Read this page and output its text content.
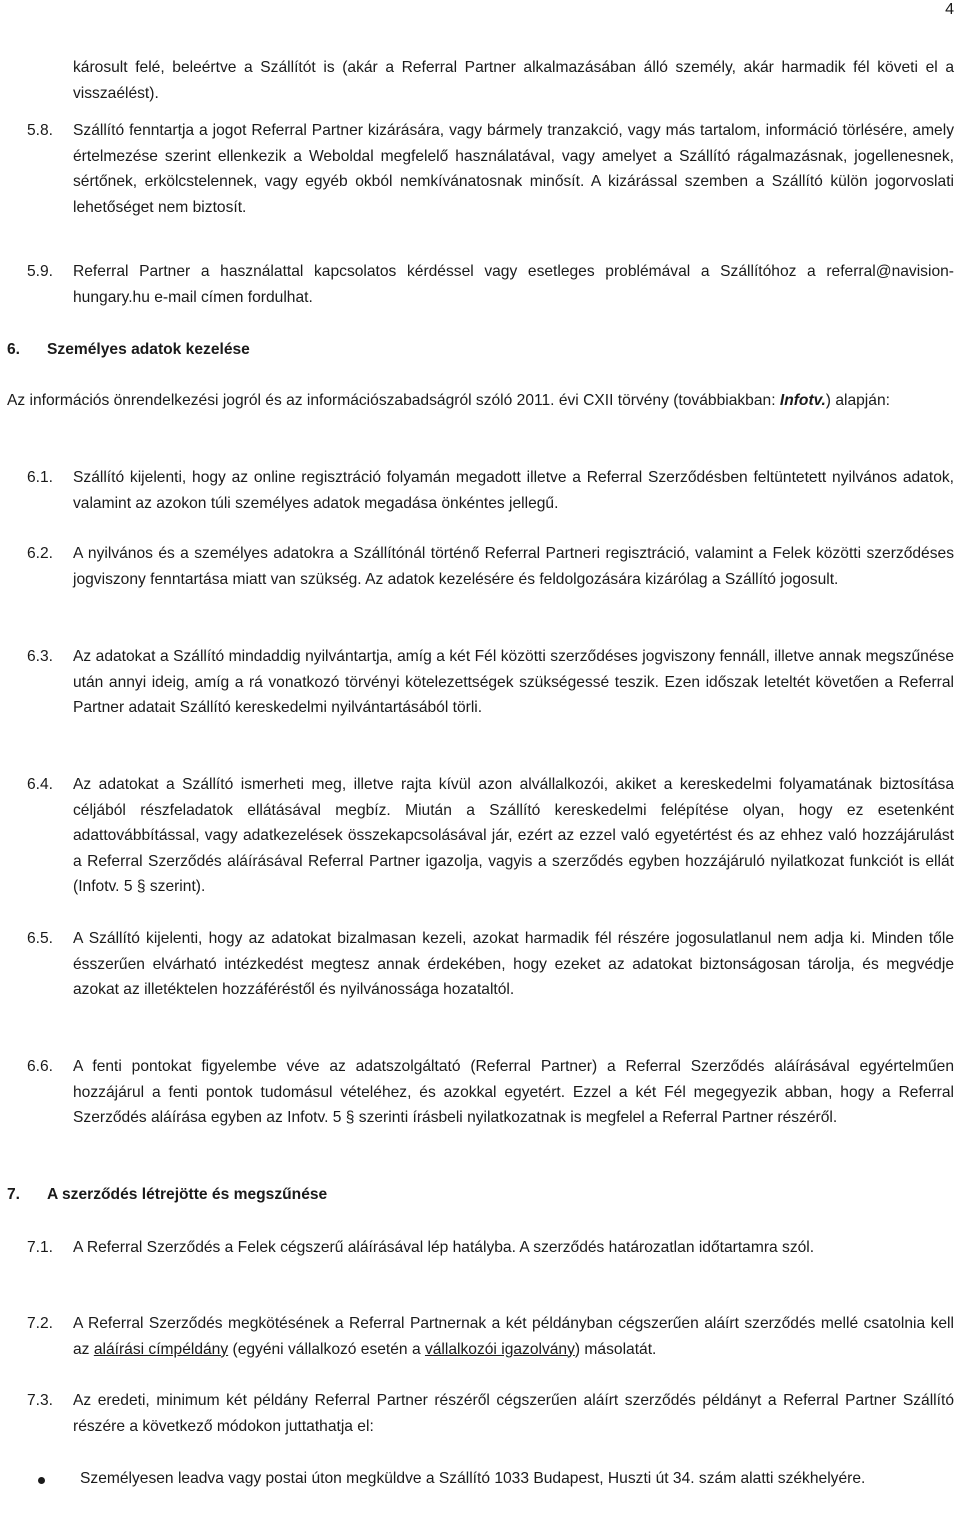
4

károsult felé, beleértve a Szállítót is (akár a Referral Partner alkalmazásában álló személy, akár harmadik fél követi el a visszaélést).

5.8. Szállító fenntartja a jogot Referral Partner kizárására, vagy bármely tranzakció, vagy más tartalom, információ törlésére, amely értelmezése szerint ellenkezik a Weboldal megfelelő használatával, vagy amelyet a Szállító rágalmazásnak, jogellenesnek, sértőnek, erkölcstelennek, vagy egyéb okból nemkívánatosnak minősít. A kizárással szemben a Szállító külön jogorvoslati lehetőséget nem biztosít.

5.9. Referral Partner a használattal kapcsolatos kérdéssel vagy esetleges problémával a Szállítóhoz a referral@navision-hungary.hu e-mail címen fordulhat.

6. Személyes adatok kezelése

Az információs önrendelkezési jogról és az információszabadságról szóló 2011. évi CXII törvény (továbbiakban: Infotv.) alapján:

6.1. Szállító kijelenti, hogy az online regisztráció folyamán megadott illetve a Referral Szerződésben feltüntetett nyilvános adatok, valamint az azokon túli személyes adatok megadása önkéntes jellegű.

6.2. A nyilvános és a személyes adatokra a Szállítónál történő Referral Partneri regisztráció, valamint a Felek közötti szerződéses jogviszony fenntartása miatt van szükség. Az adatok kezelésére és feldolgozására kizárólag a Szállító jogosult.

6.3. Az adatokat a Szállító mindaddig nyilvántartja, amíg a két Fél közötti szerződéses jogviszony fennáll, illetve annak megszűnése után annyi ideig, amíg a rá vonatkozó törvényi kötelezettségek szükségessé teszik. Ezen időszak leteltét követően a Referral Partner adatait Szállító kereskedelmi nyilvántartásából törli.

6.4. Az adatokat a Szállító ismerheti meg, illetve rajta kívül azon alvállalkozói, akiket a kereskedelmi folyamatának biztosítása céljából részfeladatok ellátásával megbíz. Miután a Szállító kereskedelmi felépítése olyan, hogy ez esetenként adattovábbítással, vagy adatkezelések összekapcsolásával jár, ezért az ezzel való egyetértést és az ehhez való hozzájárulást a Referral Szerződés aláírásával Referral Partner igazolja, vagyis a szerződés egyben hozzájáruló nyilatkozat funkciót is ellát (Infotv. 5 § szerint).

6.5. A Szállító kijelenti, hogy az adatokat bizalmasan kezeli, azokat harmadik fél részére jogosulatlanul nem adja ki. Minden tőle ésszerűen elvárható intézkedést megtesz annak érdekében, hogy ezeket az adatokat biztonságosan tárolja, és megvédje azokat az illetéktelen hozzáféréstől és nyilvánossága hozataltól.

6.6. A fenti pontokat figyelembe véve az adatszolgáltató (Referral Partner) a Referral Szerződés aláírásával egyértelműen hozzájárul a fenti pontok tudomásul vételéhez, és azokkal egyetért. Ezzel a két Fél megegyezik abban, hogy a Referral Szerződés aláírása egyben az Infotv. 5 § szerinti írásbeli nyilatkozatnak is megfelel a Referral Partner részéről.

7. A szerződés létrejötte és megszűnése
7.1. A Referral Szerződés a Felek cégszerű aláírásával lép hatályba. A szerződés határozatlan időtartamra szól.

7.2. A Referral Szerződés megkötésének a Referral Partnernak a két példányban cégszerűen aláírt szerződés mellé csatolnia kell az aláírási címpéldány (egyéni vállalkozó esetén a vállalkozói igazolvány) másolatát.

7.3. Az eredeti, minimum két példány Referral Partner részéről cégszerűen aláírt szerződés példányt a Referral Partner Szállító részére a következő módokon juttathatja el:

Személyesen leadva vagy postai úton megküldve a Szállító 1033 Budapest, Huszti út 34. szám alatti székhelyére.
